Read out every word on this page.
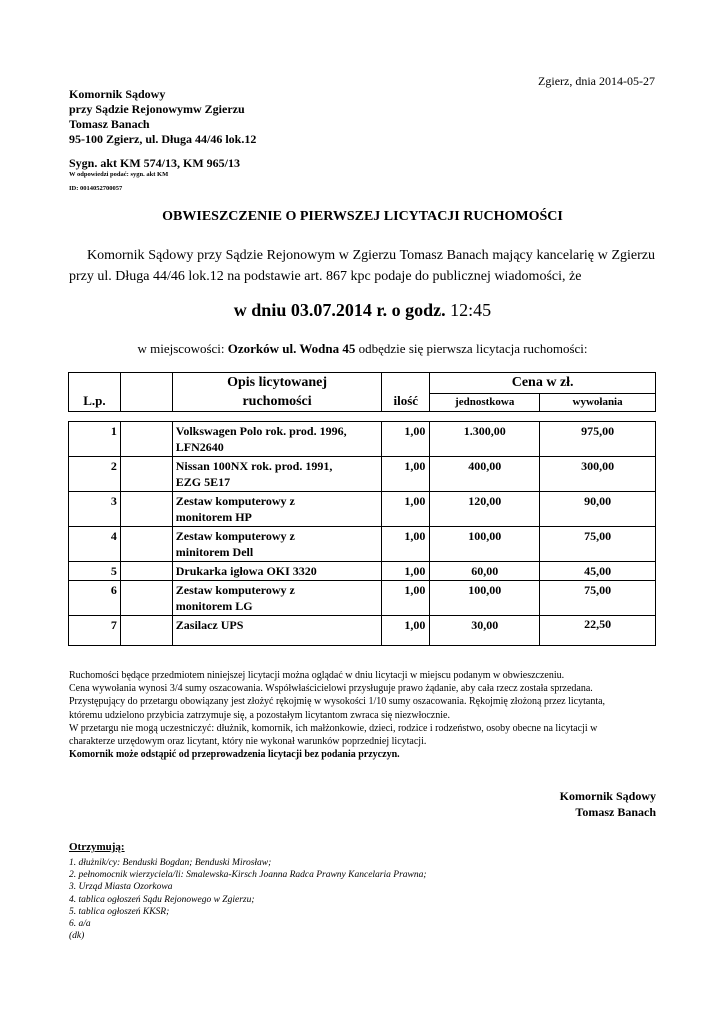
Zgierz, dnia 2014-05-27
Komornik Sądowy
przy Sądzie Rejonowymw Zgierzu
Tomasz Banach
95-100 Zgierz, ul. Długa 44/46 lok.12
Sygn. akt KM 574/13, KM 965/13
W odpowiedzi podać: sygn. akt KM
ID: 0014052700057
OBWIESZCZENIE O PIERWSZEJ LICYTACJI RUCHOMOŚCI
Komornik Sądowy przy Sądzie Rejonowym w Zgierzu Tomasz Banach mający kancelarię w Zgierzu przy ul. Długa 44/46 lok.12 na podstawie art. 867 kpc podaje do publicznej wiadomości, że
w dniu 03.07.2014 r. o godz. 12:45
w miejscowości: Ozorków ul. Wodna 45 odbędzie się pierwsza licytacja ruchomości:
L.p.		Opis licytowanej
ruchomości	ilość	Cena w zł.	
				jednostkowa	wywołania
1		Volkswagen Polo rok. prod. 1996,
LFN2640	1,00	1.300,00	975,00
2		Nissan 100NX rok. prod. 1991,
EZG 5E17	1,00	400,00	300,00
3		Zestaw komputerowy z
monitorem HP	1,00	120,00	90,00
4		Zestaw komputerowy z
minitorem Dell	1,00	100,00	75,00
5		Drukarka igłowa OKI 3320	1,00	60,00	45,00
6		Zestaw komputerowy z
monitorem LG	1,00	100,00	75,00
7		Zasilacz UPS	1,00	30,00	22,50
Ruchomości będące przedmiotem niniejszej licytacji można oglądać w dniu licytacji w miejscu podanym w obwieszczeniu.
Cena wywołania wynosi 3/4 sumy oszacowania. Współwłaścicielowi przysługuje prawo żądanie, aby cała rzecz została sprzedana.
Przystępujący do przetargu obowiązany jest złożyć rękojmię w wysokości 1/10 sumy oszacowania. Rękojmię złożoną przez licytanta,
któremu udzielono przybicia zatrzymuje się, a pozostałym licytantom zwraca się niezwłocznie.
W przetargu nie mogą uczestniczyć: dłużnik, komornik, ich małżonkowie, dzieci, rodzice i rodzeństwo, osoby obecne na licytacji w
charakterze urzędowym oraz licytant, który nie wykonał warunków poprzedniej licytacji.
Komornik może odstąpić od przeprowadzenia licytacji bez podania przyczyn.
Komornik Sądowy
Tomasz Banach
Otrzymują:
1. dłużnik/cy: Benduski Bogdan; Benduski Mirosław;
2. pełnomocnik wierzyciela/li: Smalewska-Kirsch Joanna Radca Prawny Kancelaria Prawna;
3. Urząd Miasta Ozorkowa
4. tablica ogłoszeń Sądu Rejonowego w Zgierzu;
5. tablica ogłoszeń KKSR;
6. a/a
(dk)
